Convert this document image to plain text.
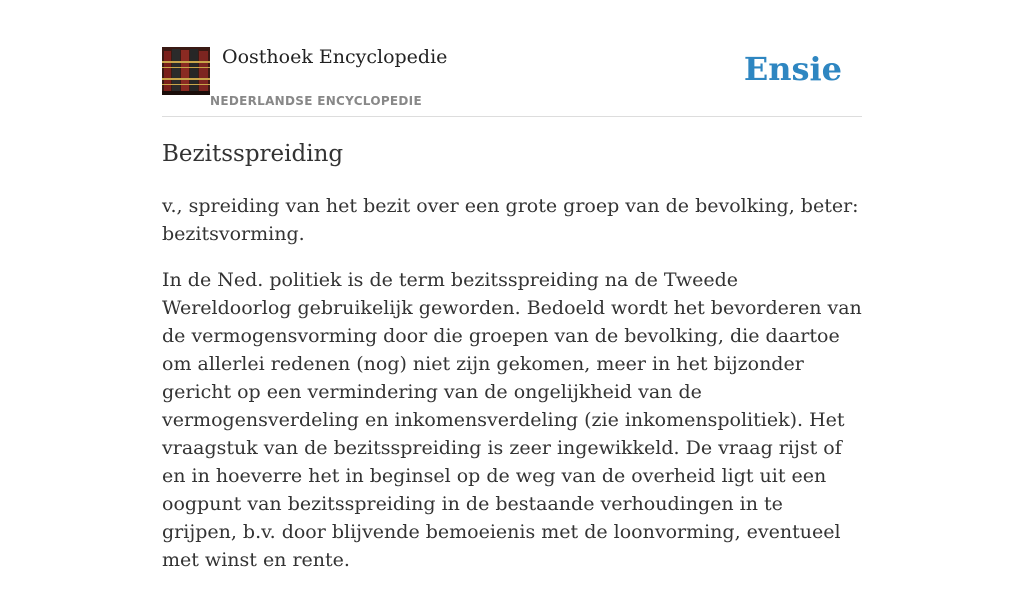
Oosthoek Encyclopedie
NEDERLANDSE ENCYCLOPEDIE
Ensie
Bezitsspreiding

v., spreiding van het bezit over een grote groep van de bevolking, beter: bezitsvorming.

In de Ned. politiek is de term bezitsspreiding na de Tweede Wereldoorlog gebruikelijk geworden. Bedoeld wordt het bevorderen van de vermogensvorming door die groepen van de bevolking, die daartoe om allerlei redenen (nog) niet zijn gekomen, meer in het bijzonder gericht op een vermindering van de ongelijkheid van de vermogensverdeling en inkomensverdeling (zie inkomenspolitiek). Het vraagstuk van de bezitsspreiding is zeer ingewikkeld. De vraag rijst of en in hoeverre het in beginsel op de weg van de overheid ligt uit een oogpunt van bezitsspreiding in de bestaande verhoudingen in te grijpen, b.v. door blijvende bemoeienis met de loonvorming, eventueel met winst en rente.
